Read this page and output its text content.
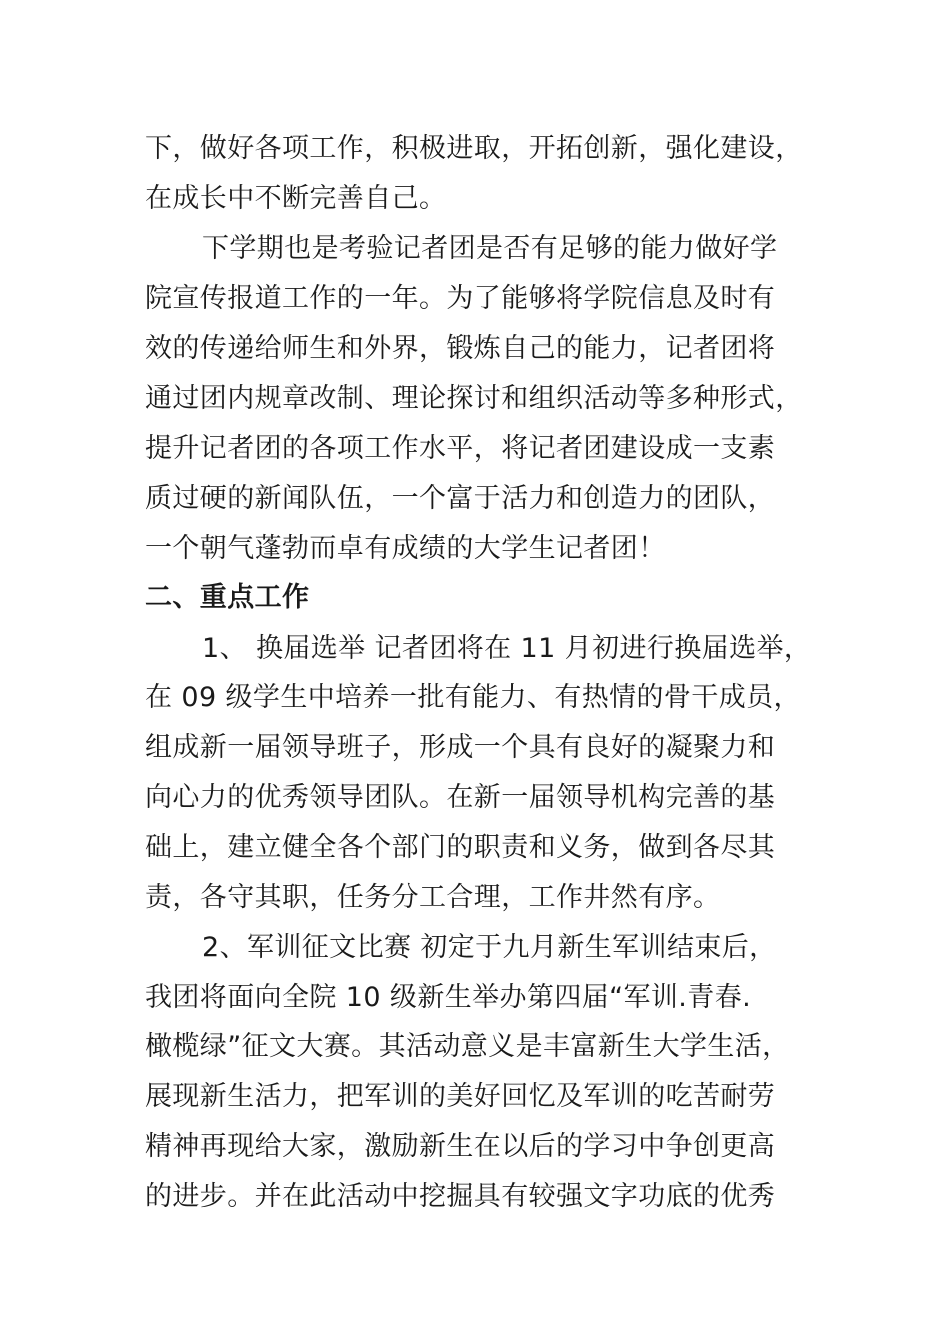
下，做好各项工作，积极进取，开拓创新，强化建设，
在成长中不断完善自己。
下学期也是考验记者团是否有足够的能力做好学
院宣传报道工作的一年。为了能够将学院信息及时有
效的传递给师生和外界，锻炼自己的能力，记者团将
通过团内规章改制、理论探讨和组织活动等多种形式，
提升记者团的各项工作水平，将记者团建设成一支素
质过硬的新闻队伍，一个富于活力和创造力的团队，
一个朝气蓬勃而卓有成绩的大学生记者团！
二、重点工作
1、 换届选举 记者团将在 11 月初进行换届选举，
在 09 级学生中培养一批有能力、有热情的骨干成员，
组成新一届领导班子，形成一个具有良好的凝聚力和
向心力的优秀领导团队。在新一届领导机构完善的基
础上，建立健全各个部门的职责和义务，做到各尽其
责，各守其职，任务分工合理，工作井然有序。
2、军训征文比赛 初定于九月新生军训结束后，
我团将面向全院 10 级新生举办第四届“军训.青春.
橄榄绿”征文大赛。其活动意义是丰富新生大学生活，
展现新生活力，把军训的美好回忆及军训的吃苦耐劳
精神再现给大家，激励新生在以后的学习中争创更高
的进步。并在此活动中挖掘具有较强文字功底的优秀
